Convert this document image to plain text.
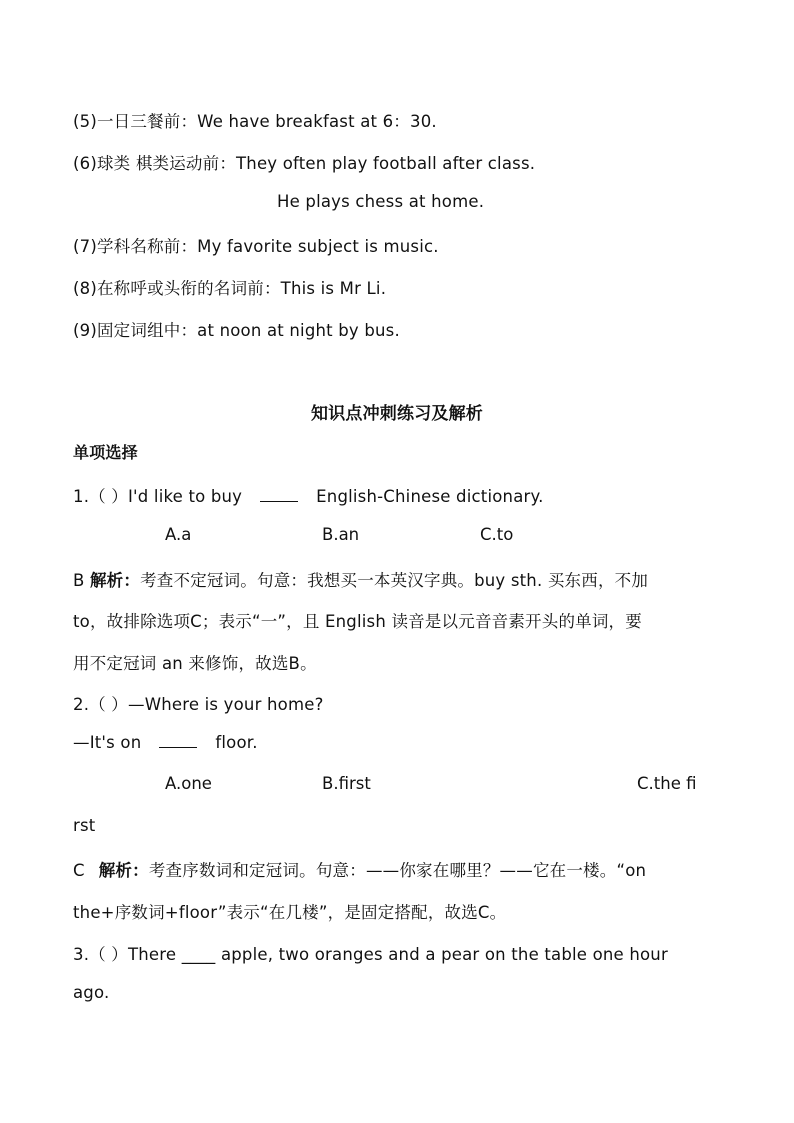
(5)一日三餐前：We have breakfast at 6：30.
(6)球类 棋类运动前：They often play football after class.
He plays chess at home.
(7)学科名称前：My favorite subject is music.
(8)在称呼或头衔的名词前：This is Mr Li.
(9)固定词组中：at noon at night by bus.
知识点冲刺练习及解析
单项选择
1.（ ）I'd like to buy	English-Chinese dictionary.
A.a	B.an	C.to
B 解析：考查不定冠词。句意：我想买一本英汉字典。buy sth. 买东西，不加
to，故排除选项C；表示“一”，且 English 读音是以元音音素开头的单词，要
用不定冠词 an 来修饰，故选B。
2.（ ）—Where is your home?
—It's on	floor.
A.one	B.first	C.the fi
rst
C 解析：考查序数词和定冠词。句意：——你家在哪里？——它在一楼。“on
the+序数词+floor”表示“在几楼”，是固定搭配，故选C。
3.（ ）There ____ apple, two oranges and a pear on the table one hour
ago.
